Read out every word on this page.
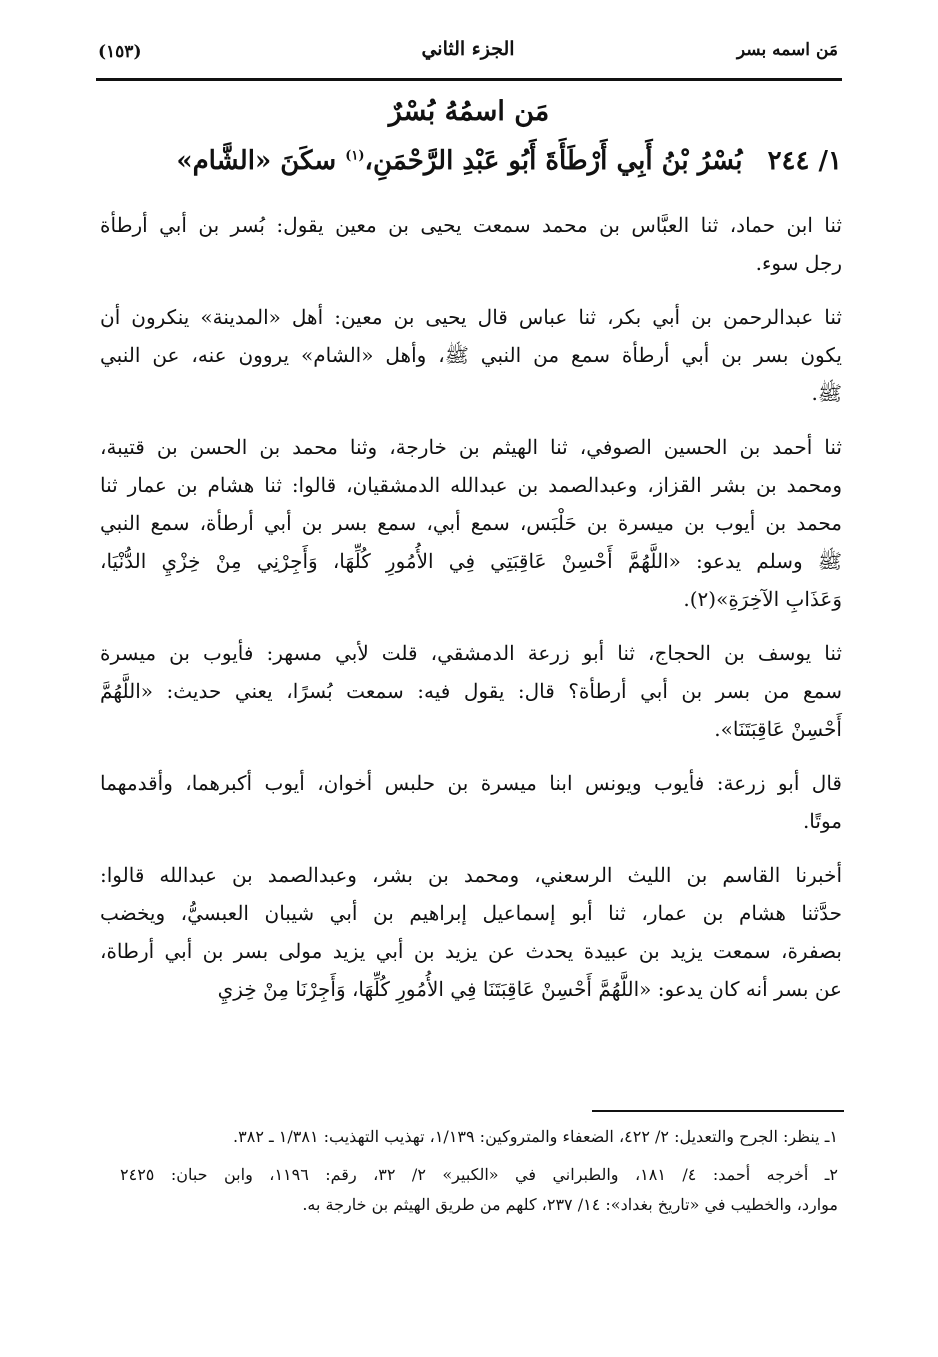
مَن اسمه بسر
الجزء الثاني
(١٥٣)
مَن اسمُهُ بُسْرٌ
١/ ٢٤٤ بُسْرُ بْنُ أَبِي أَرْطَأَةَ أَبُو عَبْدِ الرَّحْمَنِ،$^{(١)}$ سكَنَ «الشَّام»
ثنا ابن حماد، ثنا العبَّاس بن محمد سمعت يحيى بن معين يقول: بُسر بن أبي أرطأة
رجل سوء.
ثنا عبدالرحمن بن أبي بكر، ثنا عباس قال يحيى بن معين: أهل «المدينة» ينكرون أن
يكون بسر بن أبي أرطأة سمع من النبي ﷺ، وأهل «الشام» يروون عنه، عن النبي
ﷺ.
ثنا أحمد بن الحسين الصوفي، ثنا الهيثم بن خارجة، وثنا محمد بن الحسن بن قتيبة،
ومحمد بن بشر القزاز، وعبدالصمد بن عبدالله الدمشقيان، قالوا: ثنا هشام بن عمار ثنا
محمد بن أيوب بن ميسرة بن حَلْبَس، سمع أبي، سمع بسر بن أبي أرطأة، سمع النبي
ﷺ وسلم يدعو: «اللَّهُمَّ أَحْسِنْ عَاقِبَتِي فِي الأُمُورِ كُلِّهَا، وَأَجِرْنِي مِنْ خِزْيِ الدُّنْيَا،
وَعَذَابِ الآخِرَةِ»(٢).
ثنا يوسف بن الحجاج، ثنا أبو زرعة الدمشقي، قلت لأبي مسهر: فأيوب بن ميسرة
سمع من بسر بن أبي أرطأة؟ قال: يقول فيه: سمعت بُسرًا، يعني حديث: «اللَّهُمَّ
أَحْسِنْ عَاقِبَتَنَا».
قال أبو زرعة: فأيوب ويونس ابنا ميسرة بن حلبس أخوان، أيوب أكبرهما، وأقدمهما
موتًا.
أخبرنا القاسم بن الليث الرسعني، ومحمد بن بشر، وعبدالصمد بن عبدالله قالوا:
حدَّثنا هشام بن عمار، ثنا أبو إسماعيل إبراهيم بن أبي شيبان العبسيُّ، ويخضب
بصفرة، سمعت يزيد بن عبيدة يحدث عن يزيد بن أبي يزيد مولى بسر بن أبي أرطاة،
عن بسر أنه كان يدعو: «اللَّهُمَّ أَحْسِنْ عَاقِبَتَنَا فِي الأُمُورِ كُلِّهَا، وَأَجِرْنَا مِنْ خِزيِ
١ـ ينظر: الجرح والتعديل: ٢/ ٤٢٢، الضعفاء والمتروكين: ١/١٣٩، تهذيب التهذيب: ١/٣٨١ ـ ٣٨٢.
٢ـ أخرجه أحمد: ٤/ ١٨١، والطبراني في «الكبير» ٢/ ٣٢، رقم: ١١٩٦، وابن حبان: ٢٤٢٥
موارد، والخطيب في «تاريخ بغداد»: ١٤/ ٢٣٧، كلهم من طريق الهيثم بن خارجة به.
